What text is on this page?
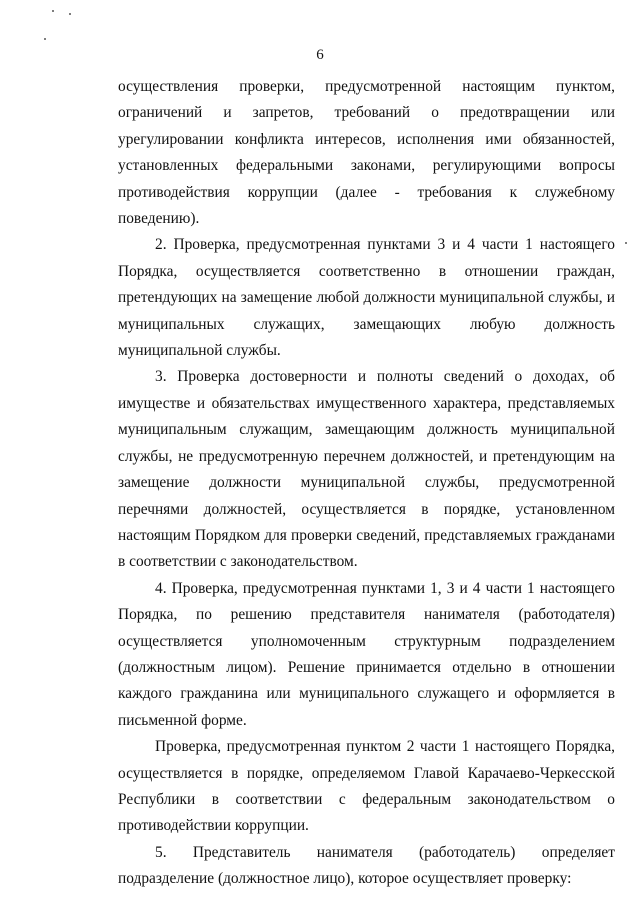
6

осуществления проверки, предусмотренной настоящим пунктом, ограничений и запретов, требований о предотвращении или урегулировании конфликта интересов, исполнения ими обязанностей, установленных федеральными законами, регулирующими вопросы противодействия коррупции (далее - требования к служебному поведению).

2. Проверка, предусмотренная пунктами 3 и 4 части 1 настоящего Порядка, осуществляется соответственно в отношении граждан, претендующих на замещение любой должности муниципальной службы, и муниципальных служащих, замещающих любую должность муниципальной службы.

3. Проверка достоверности и полноты сведений о доходах, об имуществе и обязательствах имущественного характера, представляемых муниципальным служащим, замещающим должность муниципальной службы, не предусмотренную перечнем должностей, и претендующим на замещение должности муниципальной службы, предусмотренной перечнями должностей, осуществляется в порядке, установленном настоящим Порядком для проверки сведений, представляемых гражданами в соответствии с законодательством.

4. Проверка, предусмотренная пунктами 1, 3 и 4 части 1 настоящего Порядка, по решению представителя нанимателя (работодателя) осуществляется уполномоченным структурным подразделением (должностным лицом). Решение принимается отдельно в отношении каждого гражданина или муниципального служащего и оформляется в письменной форме.

Проверка, предусмотренная пунктом 2 части 1 настоящего Порядка, осуществляется в порядке, определяемом Главой Карачаево-Черкесской Республики в соответствии с федеральным законодательством о противодействии коррупции.

5. Представитель нанимателя (работодатель) определяет подразделение (должностное лицо), которое осуществляет проверку:
